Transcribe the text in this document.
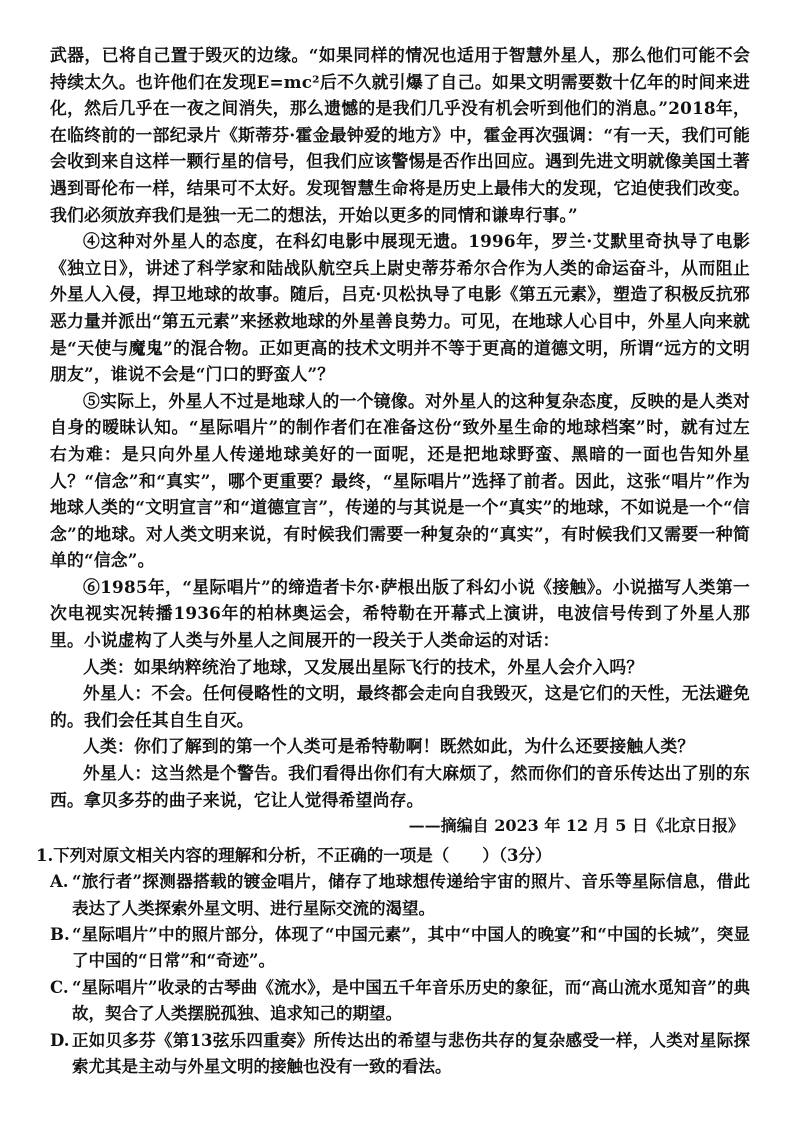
武器，已将自己置于毁灭的边缘。“如果同样的情况也适用于智慧外星人，那么他们可能不会持续太久。也许他们在发现E=mc²后不久就引爆了自己。如果文明需要数十亿年的时间来进化，然后几乎在一夜之间消失，那么遗憾的是我们几乎没有机会听到他们的消息。”2018年，在临终前的一部纪录片《斯蒂芬·霍金最钟爱的地方》中，霍金再次强调：“有一天，我们可能会收到来自这样一颗行星的信号，但我们应该警惕是否作出回应。遇到先进文明就像美国土著遇到哥伦布一样，结果可不太好。发现智慧生命将是历史上最伟大的发现，它迫使我们改变。我们必须放弃我们是独一无二的想法，开始以更多的同情和谦卑行事。”

④这种对外星人的态度，在科幻电影中展现无遗。1996年，罗兰·艾默里奇执导了电影《独立日》，讲述了科学家和陆战队航空兵上尉史蒂芬希尔合作为人类的命运奋斗，从而阻止外星人入侵，捍卫地球的故事。随后，吕克·贝松执导了电影《第五元素》，塑造了积极反抗邪恶力量并派出“第五元素”来拯救地球的外星善良势力。可见，在地球人心目中，外星人向来就是“天使与魔鬼”的混合物。正如更高的技术文明并不等于更高的道德文明，所谓“远方的文明朋友”，谁说不会是“门口的野蛮人”？

⑤实际上，外星人不过是地球人的一个镜像。对外星人的这种复杂态度，反映的是人类对自身的暧昧认知。“星际唱片”的制作者们在准备这份“致外星生命的地球档案”时，就有过左右为难：是只向外星人传递地球美好的一面呢，还是把地球野蛮、黑暗的一面也告知外星人？“信念”和“真实”，哪个更重要？最终，“星际唱片”选择了前者。因此，这张“唱片”作为地球人类的“文明宣言”和“道德宣言”，传递的与其说是一个“真实”的地球，不如说是一个“信念”的地球。对人类文明来说，有时候我们需要一种复杂的“真实”，有时候我们又需要一种简单的“信念”。

⑥1985年，“星际唱片”的缔造者卡尔·萨根出版了科幻小说《接触》。小说描写人类第一次电视实况转播1936年的柏林奥运会，希特勒在开幕式上演讲，电波信号传到了外星人那里。小说虚构了人类与外星人之间展开的一段关于人类命运的对话：

人类：如果纳粹统治了地球，又发展出星际飞行的技术，外星人会介入吗？

外星人：不会。任何侵略性的文明，最终都会走向自我毁灭，这是它们的天性，无法避免的。我们会任其自生自灭。

人类：你们了解到的第一个人类可是希特勒啊！既然如此，为什么还要接触人类？

外星人：这当然是个警告。我们看得出你们有大麻烦了，然而你们的音乐传达出了别的东西。拿贝多芬的曲子来说，它让人觉得希望尚存。

——摘编自 2023 年 12 月 5 日《北京日报》

1.下列对原文相关内容的理解和分析，不正确的一项是（　　）（3分）

A. “旅行者”探测器搭载的镀金唱片，储存了地球想传递给宇宙的照片、音乐等星际信息，借此表达了人类探索外星文明、进行星际交流的渴望。
B. “星际唱片”中的照片部分，体现了“中国元素”，其中“中国人的晚宴”和“中国的长城”，突显了中国的“日常”和“奇迹”。
C. “星际唱片”收录的古琴曲《流水》，是中国五千年音乐历史的象征，而“高山流水觅知音”的典故，契合了人类摆脱孤独、追求知己的期望。
D. 正如贝多芬《第13弦乐四重奏》所传达出的希望与悲伤共存的复杂感受一样，人类对星际探索尤其是主动与外星文明的接触也没有一致的看法。
